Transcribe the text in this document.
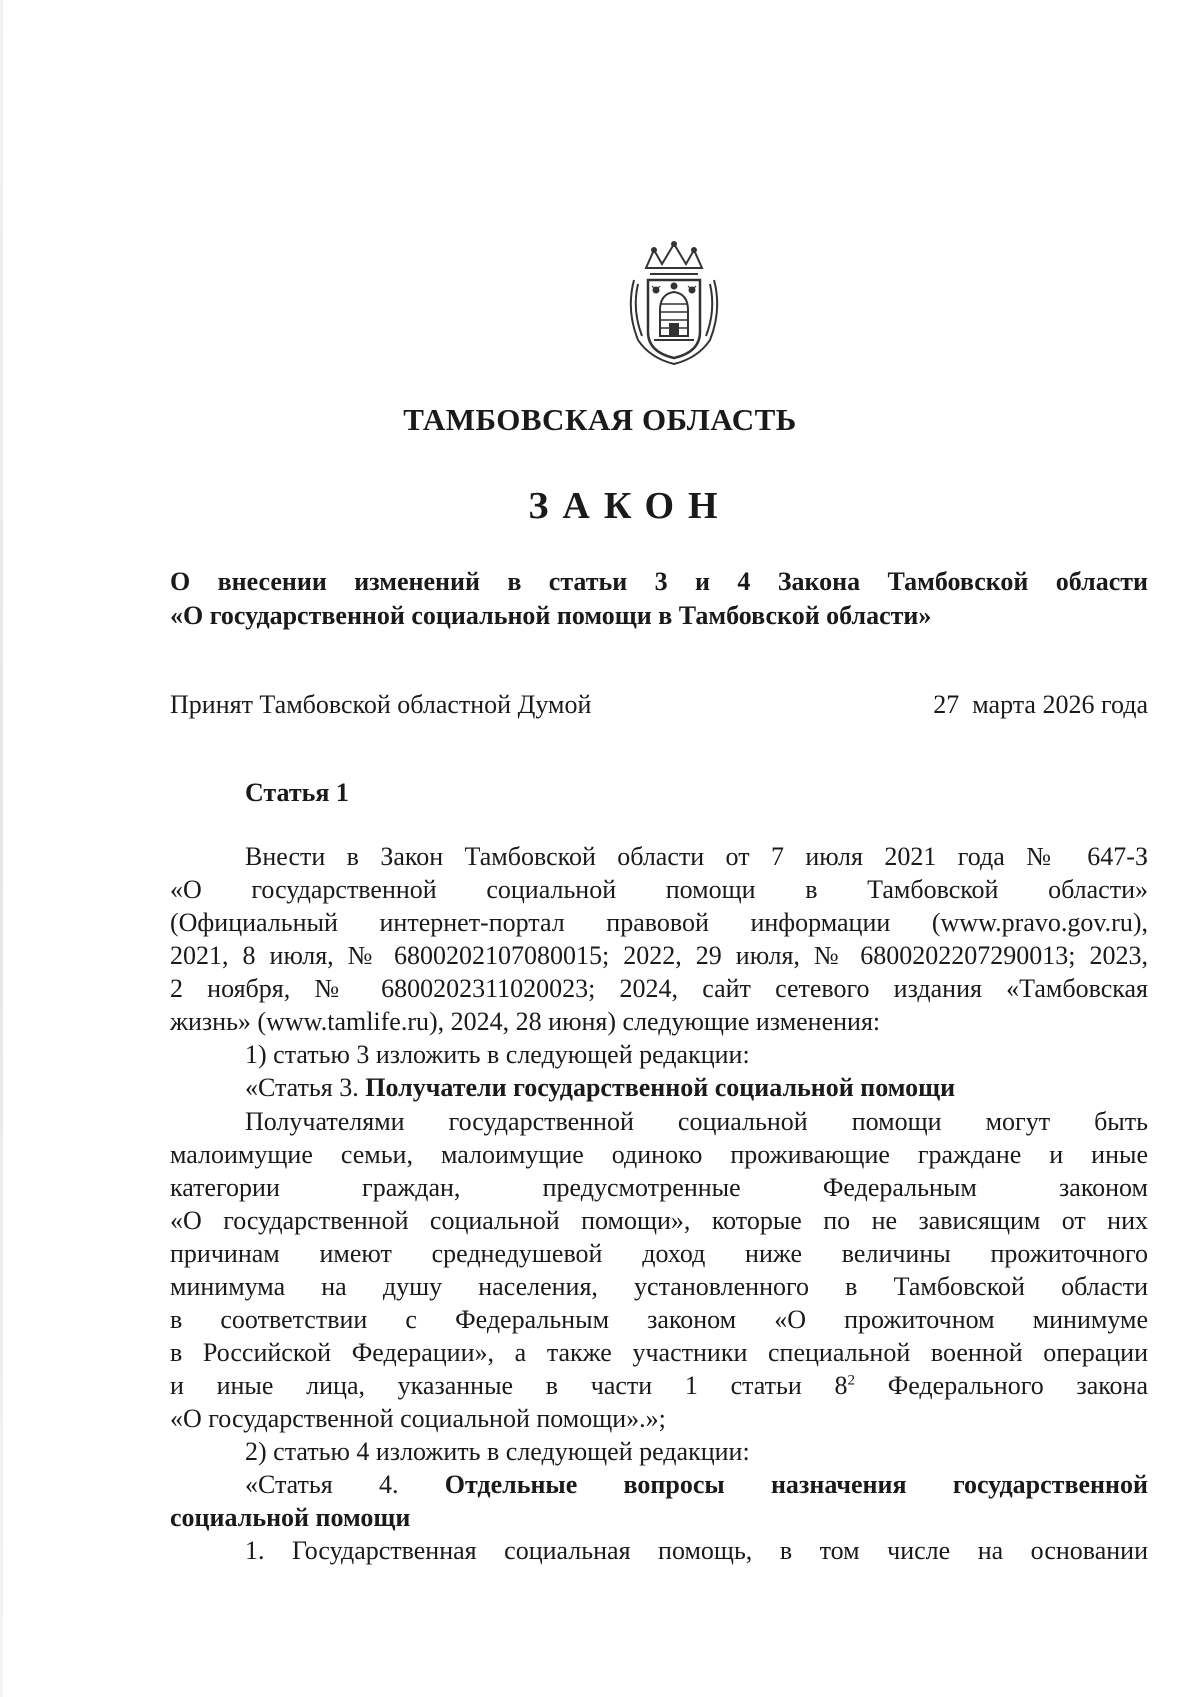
ТАМБОВСКАЯ ОБЛАСТЬ
ЗАКОН
О внесении изменений в статьи 3 и 4 Закона Тамбовской области
«О государственной социальной помощи в Тамбовской области»
Принят Тамбовской областной Думой	27  марта 2026 года
Статья 1
Внести в Закон Тамбовской области от 7 июля 2021 года № 647-З
«О государственной социальной помощи в Тамбовской области»
(Официальный интернет-портал правовой информации (www.pravo.gov.ru),
2021, 8 июля, № 6800202107080015; 2022, 29 июля, № 6800202207290013; 2023,
2 ноября, № 6800202311020023; 2024, сайт сетевого издания «Тамбовская
жизнь» (www.tamlife.ru), 2024, 28 июня) следующие изменения:
1) статью 3 изложить в следующей редакции:
«Статья 3. Получатели государственной социальной помощи
Получателями государственной социальной помощи могут быть
малоимущие семьи, малоимущие одиноко проживающие граждане и иные
категории граждан, предусмотренные Федеральным законом
«О государственной социальной помощи», которые по не зависящим от них
причинам имеют среднедушевой доход ниже величины прожиточного
минимума на душу населения, установленного в Тамбовской области
в соответствии с Федеральным законом «О прожиточном минимуме
в Российской Федерации», а также участники специальной военной операции
и иные лица, указанные в части 1 статьи $8^2$ Федерального закона
«О государственной социальной помощи».»;
2) статью 4 изложить в следующей редакции:
«Статья 4. Отдельные вопросы назначения государственной
социальной помощи
1. Государственная социальная помощь, в том числе на основании
